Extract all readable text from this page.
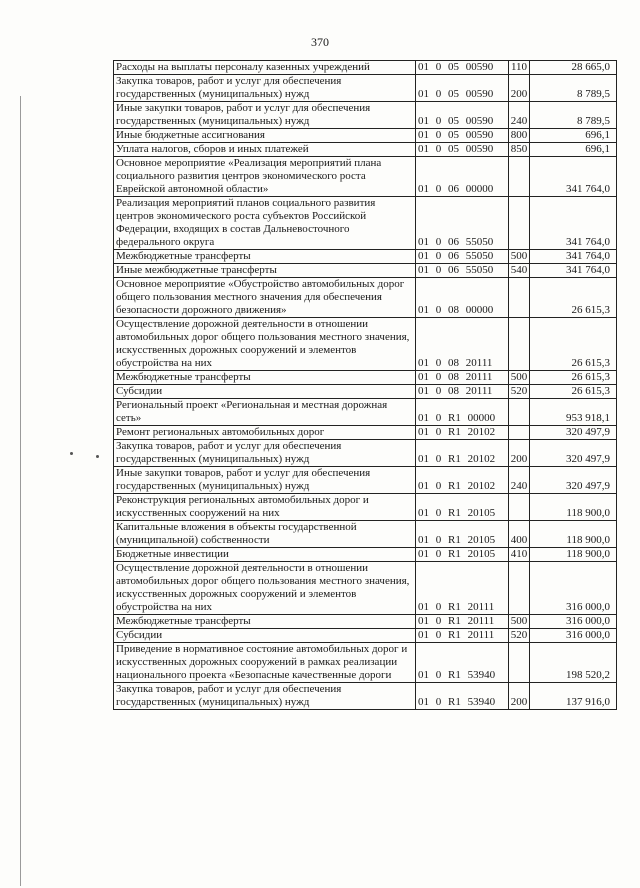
370
Расходы на выплаты персоналу казенных учреждений	01 0 05 00590	110	28 665,0
Закупка товаров, работ и услуг для обеспечения государственных (муниципальных) нужд	01 0 05 00590	200	8 789,5
Иные закупки товаров, работ и услуг для обеспечения государственных (муниципальных) нужд	01 0 05 00590	240	8 789,5
Иные бюджетные ассигнования	01 0 05 00590	800	696,1
Уплата налогов, сборов и иных платежей	01 0 05 00590	850	696,1
Основное мероприятие «Реализация мероприятий плана социального развития центров экономического роста Еврейской автономной области»	01 0 06 00000		341 764,0
Реализация мероприятий планов социального развития центров экономического роста субъектов Российской Федерации, входящих в состав Дальневосточного федерального округа	01 0 06 55050		341 764,0
Межбюджетные трансферты	01 0 06 55050	500	341 764,0
Иные межбюджетные трансферты	01 0 06 55050	540	341 764,0
Основное мероприятие «Обустройство автомобильных дорог общего пользования местного значения для обеспечения безопасности дорожного движения»	01 0 08 00000		26 615,3
Осуществление дорожной деятельности в отношении автомобильных дорог общего пользования местного значения, искусственных дорожных сооружений и элементов обустройства на них	01 0 08 20111		26 615,3
Межбюджетные трансферты	01 0 08 20111	500	26 615,3
Субсидии	01 0 08 20111	520	26 615,3
Региональный проект «Региональная и местная дорожная сеть»	01 0 R1 00000		953 918,1
Ремонт региональных автомобильных дорог	01 0 R1 20102		320 497,9
Закупка товаров, работ и услуг для обеспечения государственных (муниципальных) нужд	01 0 R1 20102	200	320 497,9
Иные закупки товаров, работ и услуг для обеспечения государственных (муниципальных) нужд	01 0 R1 20102	240	320 497,9
Реконструкция региональных автомобильных дорог и искусственных сооружений на них	01 0 R1 20105		118 900,0
Капитальные вложения в объекты государственной (муниципальной) собственности	01 0 R1 20105	400	118 900,0
Бюджетные инвестиции	01 0 R1 20105	410	118 900,0
Осуществление дорожной деятельности в отношении автомобильных дорог общего пользования местного значения, искусственных дорожных сооружений и элементов обустройства на них	01 0 R1 20111		316 000,0
Межбюджетные трансферты	01 0 R1 20111	500	316 000,0
Субсидии	01 0 R1 20111	520	316 000,0
Приведение в нормативное состояние автомобильных дорог и искусственных дорожных сооружений в рамках реализации национального проекта «Безопасные качественные дороги	01 0 R1 53940		198 520,2
Закупка товаров, работ и услуг для обеспечения государственных (муниципальных) нужд	01 0 R1 53940	200	137 916,0
